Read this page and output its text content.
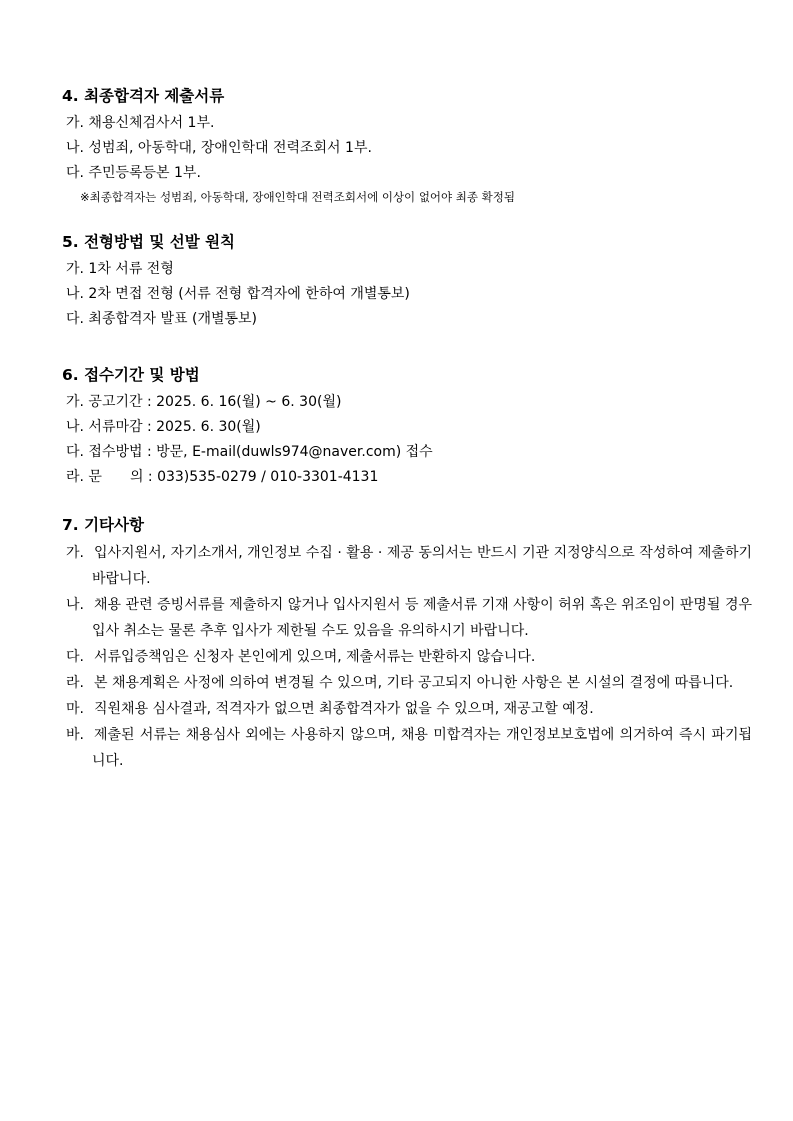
4. 최종합격자 제출서류
가. 채용신체검사서 1부.
나. 성범죄, 아동학대, 장애인학대 전력조회서 1부.
다. 주민등록등본 1부.
※최종합격자는 성범죄, 아동학대, 장애인학대 전력조회서에 이상이 없어야 최종 확정됨
5. 전형방법 및 선발 원칙
가. 1차 서류 전형
나. 2차 면접 전형 (서류 전형 합격자에 한하여 개별통보)
다. 최종합격자 발표 (개별통보)
6. 접수기간 및 방법
가. 공고기간 : 2025. 6. 16(월) ~ 6. 30(월)
나. 서류마감 : 2025. 6. 30(월)
다. 접수방법 : 방문, E-mail(duwls974@naver.com) 접수
라. 문　　의 : 033)535-0279 / 010-3301-4131
7. 기타사항
가. 입사지원서, 자기소개서, 개인정보 수집 · 활용 · 제공 동의서는 반드시 기관 지정양식으로 작성하여 제출하기 바랍니다.
나. 채용 관련 증빙서류를 제출하지 않거나 입사지원서 등 제출서류 기재 사항이 허위 혹은 위조임이 판명될 경우 입사 취소는 물론 추후 입사가 제한될 수도 있음을 유의하시기 바랍니다.
다. 서류입증책임은 신청자 본인에게 있으며, 제출서류는 반환하지 않습니다.
라. 본 채용계획은 사정에 의하여 변경될 수 있으며, 기타 공고되지 아니한 사항은 본 시설의 결정에 따릅니다.
마. 직원채용 심사결과, 적격자가 없으면 최종합격자가 없을 수 있으며, 재공고할 예정.
바. 제출된 서류는 채용심사 외에는 사용하지 않으며, 채용 미합격자는 개인정보보호법에 의거하여 즉시 파기됩니다.
